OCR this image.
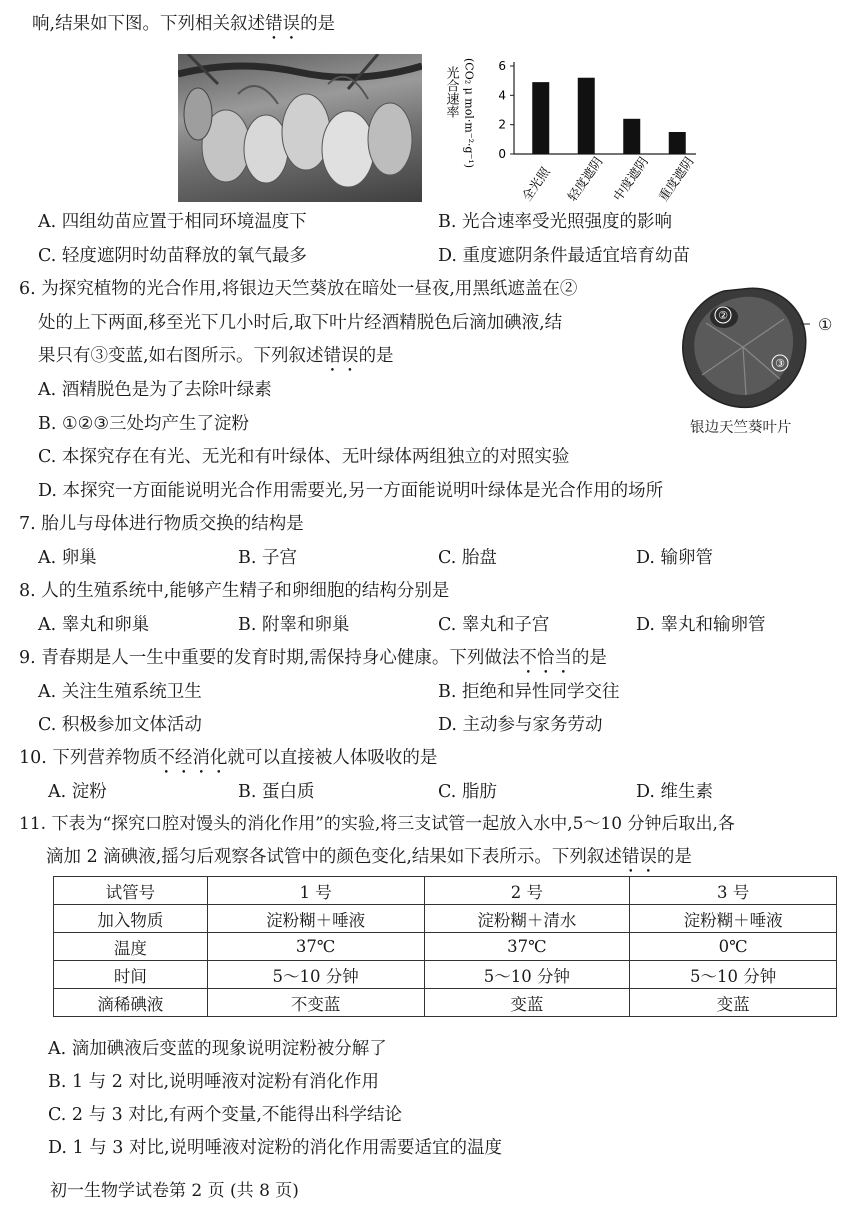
响,结果如下图。下列相关叙述错误的是
光合速率 (CO₂ μ mol·m⁻²·g⁻¹) 0
2
4
6
全光照 轻度遮阴 中度遮阴 重度遮阴
A. 四组幼苗应置于相同环境温度下	B. 光合速率受光照强度的影响
C. 轻度遮阴时幼苗释放的氧气最多	D. 重度遮阴条件最适宜培育幼苗
6. 为探究植物的光合作用,将银边天竺葵放在暗处一昼夜,用黑纸遮盖在②
处的上下两面,移至光下几小时后,取下叶片经酒精脱色后滴加碘液,结
果只有③变蓝,如右图所示。下列叙述错误的是
②
③
①
银边天竺葵叶片
A. 酒精脱色是为了去除叶绿素
B. ①②③三处均产生了淀粉
C. 本探究存在有光、无光和有叶绿体、无叶绿体两组独立的对照实验
D. 本探究一方面能说明光合作用需要光,另一方面能说明叶绿体是光合作用的场所
7. 胎儿与母体进行物质交换的结构是
A. 卵巢	B. 子宫	C. 胎盘	D. 输卵管
8. 人的生殖系统中,能够产生精子和卵细胞的结构分别是
A. 睾丸和卵巢	B. 附睾和卵巢	C. 睾丸和子宫	D. 睾丸和输卵管
9. 青春期是人一生中重要的发育时期,需保持身心健康。下列做法不恰当的是
A. 关注生殖系统卫生	B. 拒绝和异性同学交往
C. 积极参加文体活动	D. 主动参与家务劳动
10. 下列营养物质不经消化就可以直接被人体吸收的是
A. 淀粉	B. 蛋白质	C. 脂肪	D. 维生素
11. 下表为“探究口腔对馒头的消化作用”的实验,将三支试管一起放入水中,5～10 分钟后取出,各
滴加 2 滴碘液,摇匀后观察各试管中的颜色变化,结果如下表所示。下列叙述错误的是
试管号	1 号	2 号	3 号
加入物质	淀粉糊＋唾液	淀粉糊＋清水	淀粉糊＋唾液
温度	37℃	37℃	0℃
时间	5～10 分钟	5～10 分钟	5～10 分钟
滴稀碘液	不变蓝	变蓝	变蓝
A. 滴加碘液后变蓝的现象说明淀粉被分解了
B. 1 与 2 对比,说明唾液对淀粉有消化作用
C. 2 与 3 对比,有两个变量,不能得出科学结论
D. 1 与 3 对比,说明唾液对淀粉的消化作用需要适宜的温度
初一生物学试卷第 2 页 (共 8 页)
